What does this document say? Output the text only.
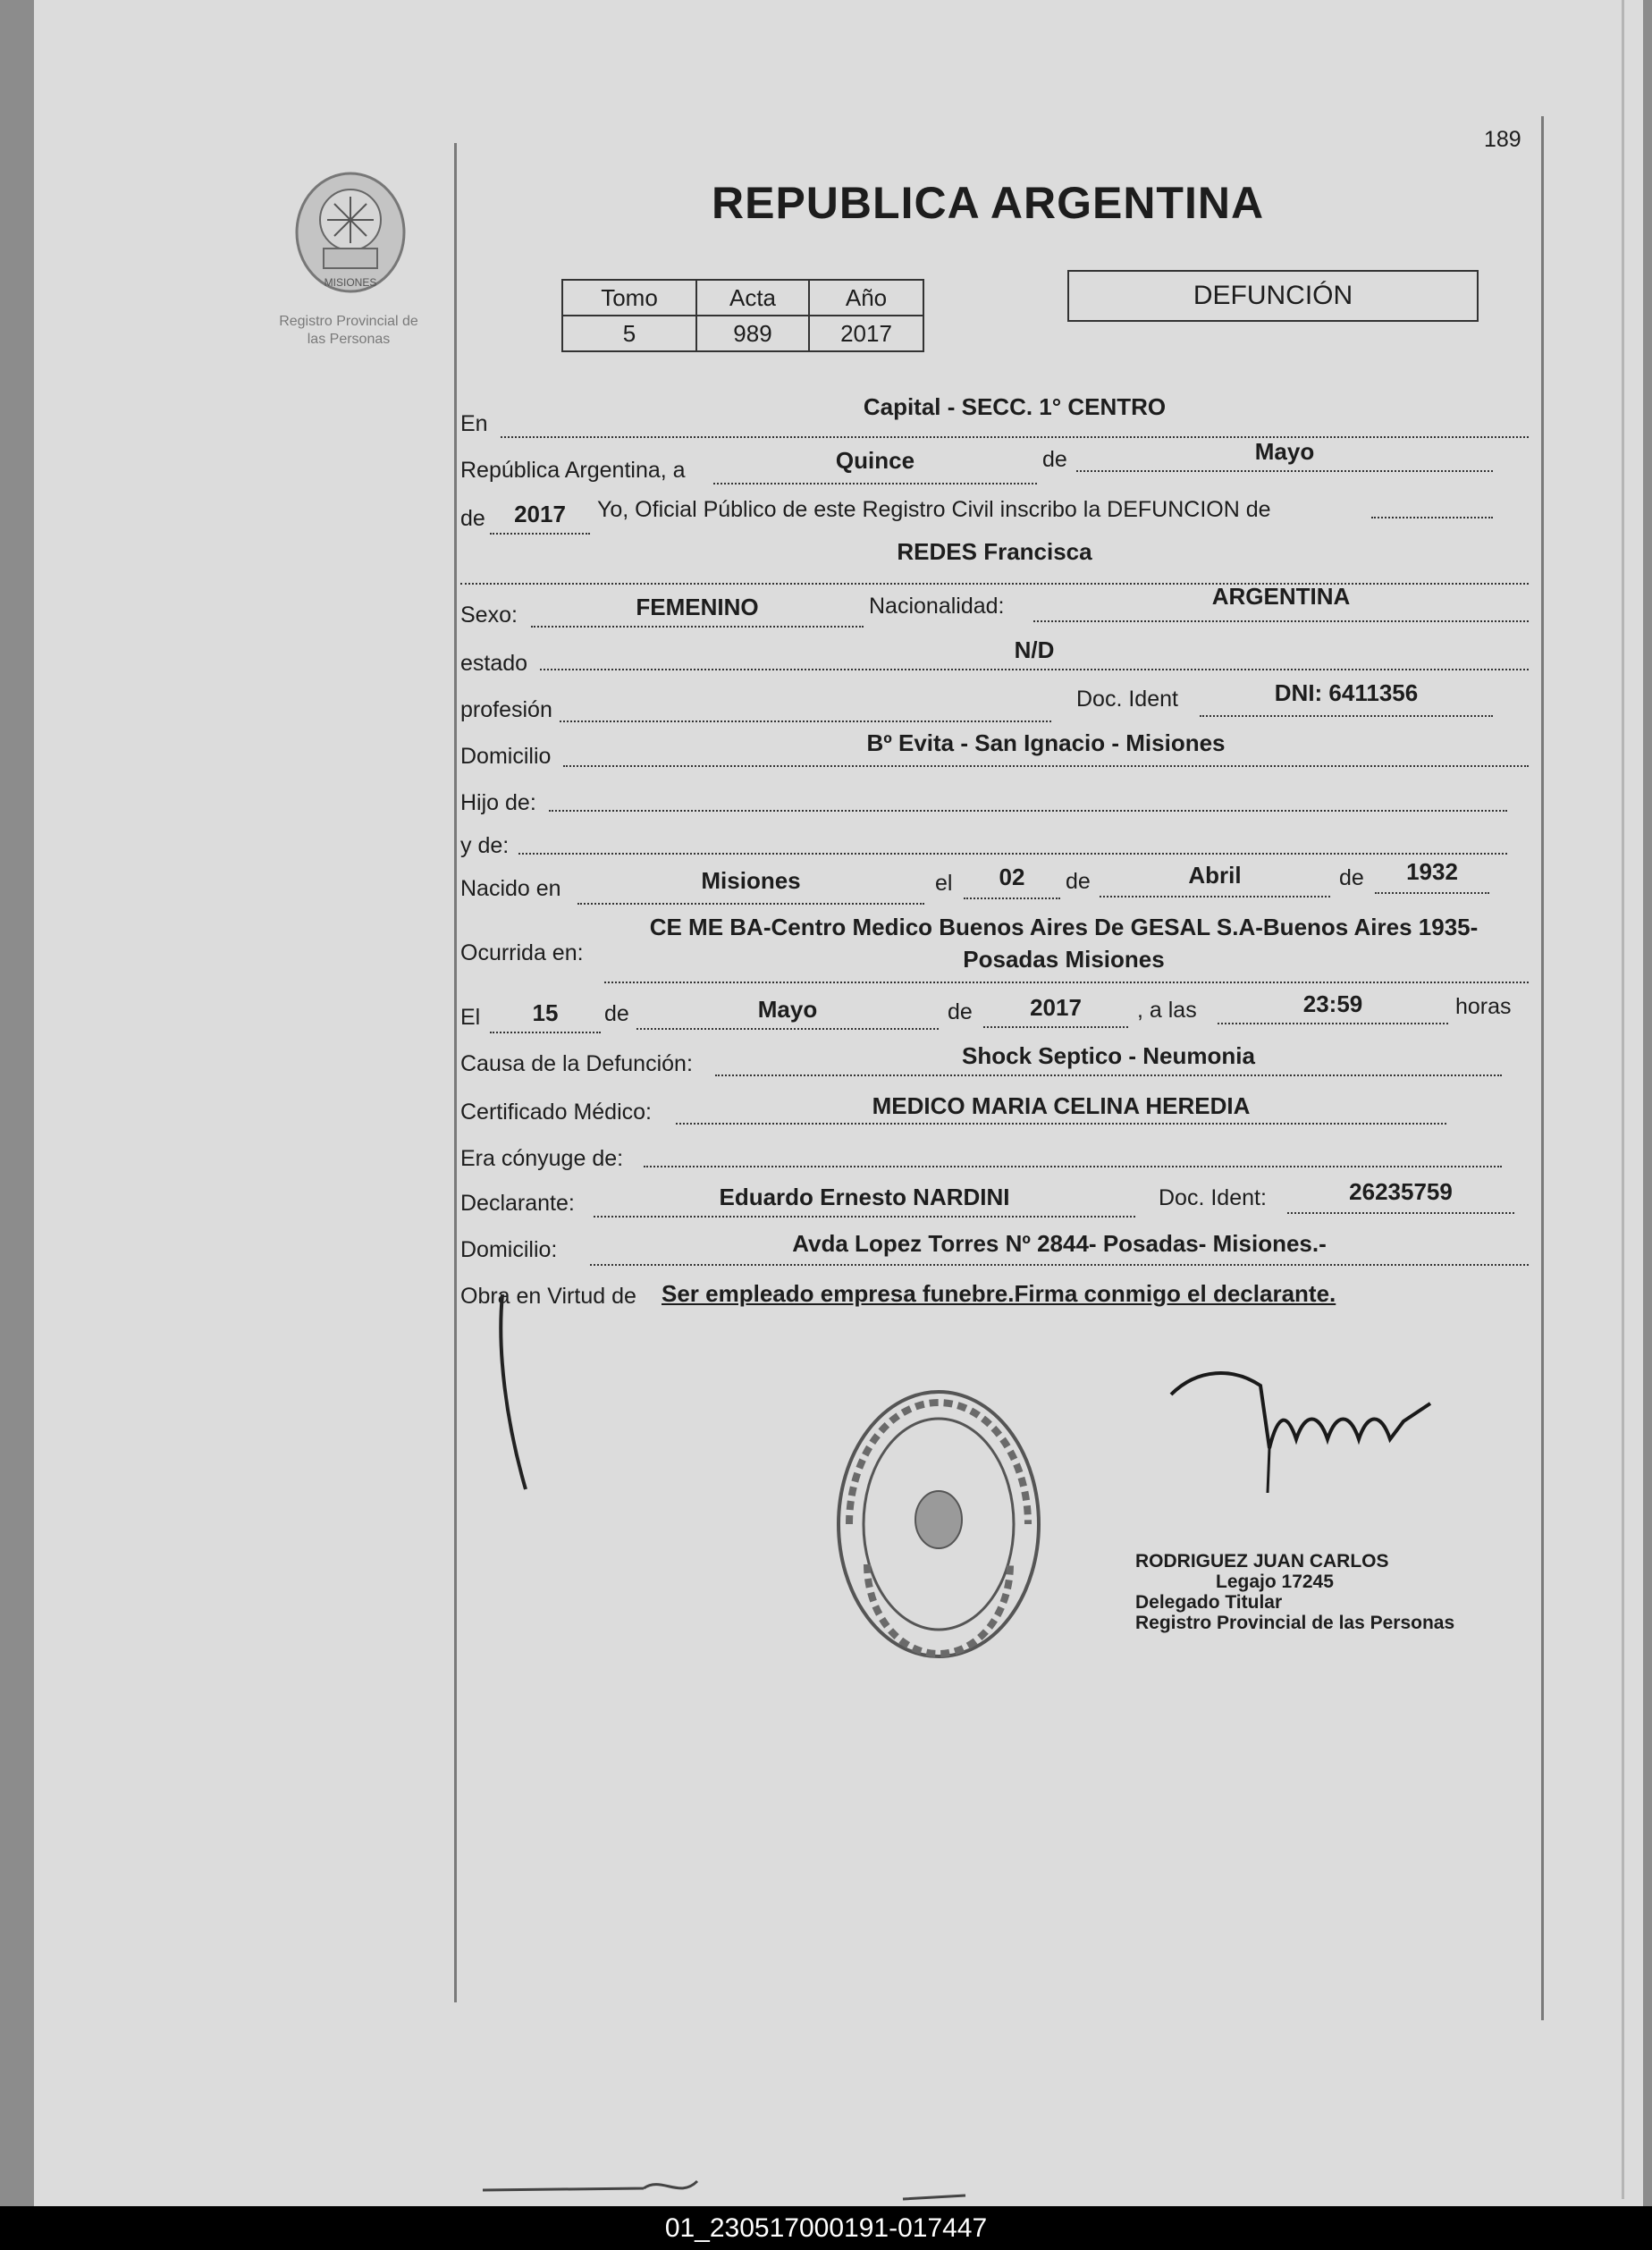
189
REPUBLICA ARGENTINA
MISIONES
Registro Provincial de
las Personas
Tomo	Acta	Año
5	989	2017
DEFUNCIÓN
En
Capital - SECC. 1° CENTRO
República Argentina, a	Quince	de	Mayo
de	2017	Yo, Oficial Público de este Registro Civil inscribo la DEFUNCION de
REDES Francisca
Sexo:	FEMENINO	Nacionalidad:	ARGENTINA
estado	N/D
profesión	Doc. Ident	DNI: 6411356
Domicilio	Bº Evita - San Ignacio - Misiones
Hijo de:
y de:
Nacido en	Misiones	el	02	de	Abril	de	1932
Ocurrida en:
CE ME BA-Centro Medico Buenos Aires De GESAL S.A-Buenos Aires 1935-
Posadas Misiones
El	15	de	Mayo	de	2017	, a las	23:59	horas
Causa de la Defunción:	Shock Septico - Neumonia
Certificado Médico:	MEDICO MARIA CELINA HEREDIA
Era cónyuge de:
Declarante:	Eduardo Ernesto NARDINI	Doc. Ident:	26235759
Domicilio:	Avda Lopez Torres Nº 2844- Posadas- Misiones.-
Obra en Virtud de Ser empleado empresa funebre.Firma conmigo el declarante.
RODRIGUEZ JUAN CARLOS
Legajo 17245
Delegado Titular
Registro Provincial de las Personas
01_230517000191-017447
